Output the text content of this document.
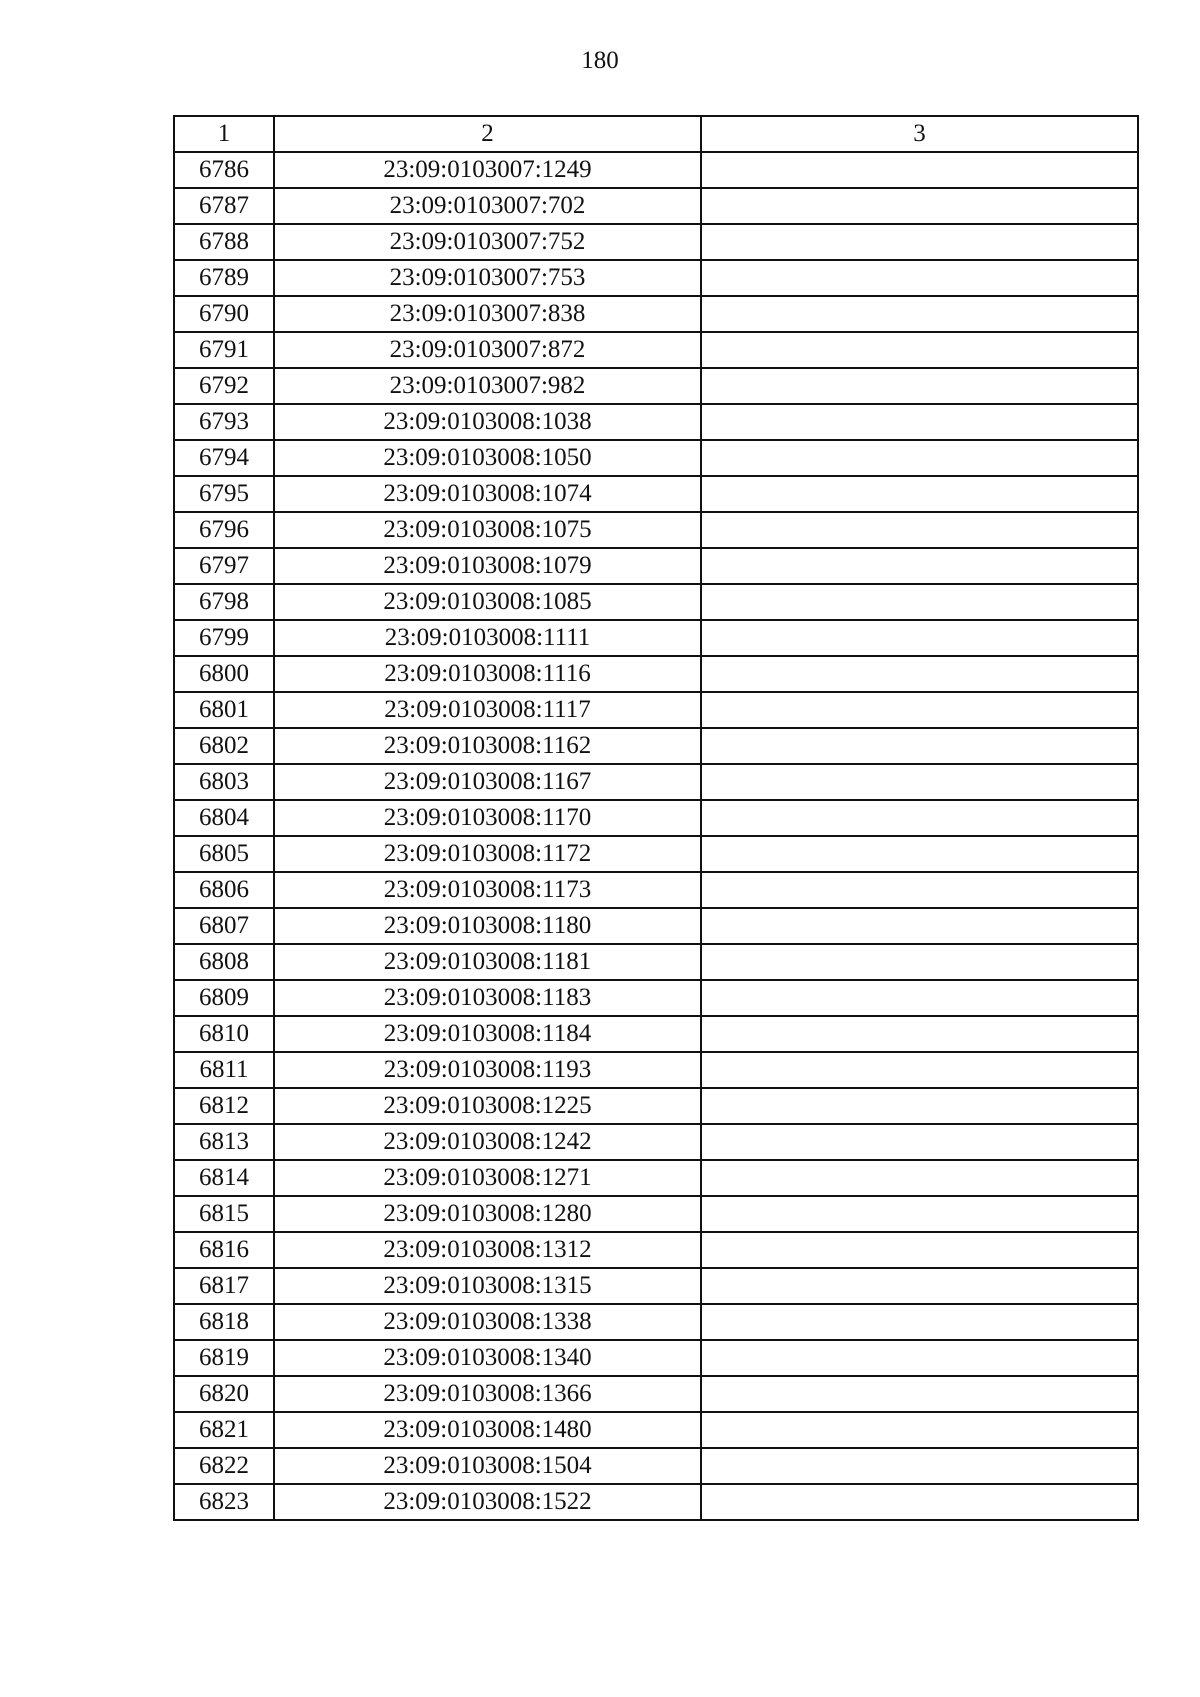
180
1	2	3
6786	23:09:0103007:1249	
6787	23:09:0103007:702	
6788	23:09:0103007:752	
6789	23:09:0103007:753	
6790	23:09:0103007:838	
6791	23:09:0103007:872	
6792	23:09:0103007:982	
6793	23:09:0103008:1038	
6794	23:09:0103008:1050	
6795	23:09:0103008:1074	
6796	23:09:0103008:1075	
6797	23:09:0103008:1079	
6798	23:09:0103008:1085	
6799	23:09:0103008:1111	
6800	23:09:0103008:1116	
6801	23:09:0103008:1117	
6802	23:09:0103008:1162	
6803	23:09:0103008:1167	
6804	23:09:0103008:1170	
6805	23:09:0103008:1172	
6806	23:09:0103008:1173	
6807	23:09:0103008:1180	
6808	23:09:0103008:1181	
6809	23:09:0103008:1183	
6810	23:09:0103008:1184	
6811	23:09:0103008:1193	
6812	23:09:0103008:1225	
6813	23:09:0103008:1242	
6814	23:09:0103008:1271	
6815	23:09:0103008:1280	
6816	23:09:0103008:1312	
6817	23:09:0103008:1315	
6818	23:09:0103008:1338	
6819	23:09:0103008:1340	
6820	23:09:0103008:1366	
6821	23:09:0103008:1480	
6822	23:09:0103008:1504	
6823	23:09:0103008:1522	
